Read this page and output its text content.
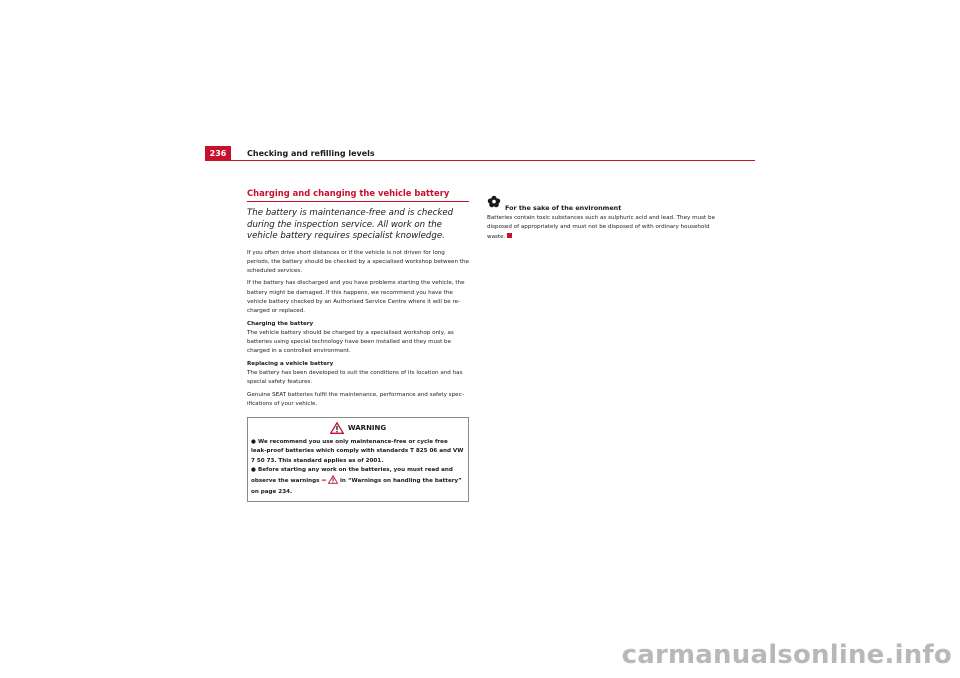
236	Checking and refilling levels
Charging and changing the vehicle battery

The battery is maintenance-free and is checked during the inspection service. All work on the vehicle battery requires specialist knowledge.

If you often drive short distances or if the vehicle is not driven for long periods, the battery should be checked by a specialised workshop between the scheduled services.

If the battery has discharged and you have problems starting the vehicle, the battery might be damaged. If this happens, we recommend you have the vehicle battery checked by an Authorised Service Centre where it will be re-charged or replaced.

Charging the battery

The vehicle battery should be charged by a specialised workshop only, as batteries using special technology have been installed and they must be charged in a controlled environment.

Replacing a vehicle battery

The battery has been developed to suit the conditions of its location and has special safety features.

Genuine SEAT batteries fulfil the maintenance, performance and safety spec-ifications of your vehicle.

WARNING

● We recommend you use only maintenance-free or cycle free leak-proof batteries which comply with standards T 825 06 and VW 7 50 73. This standard applies as of 2001.

● Before starting any work on the batteries, you must read and observe the warnings ⇒ in “Warnings on handling the battery” on page 234.

For the sake of the environment

Batteries contain toxic substances such as sulphuric acid and lead. They must be disposed of appropriately and must not be disposed of with ordinary household waste.

carmanualsonline.info
